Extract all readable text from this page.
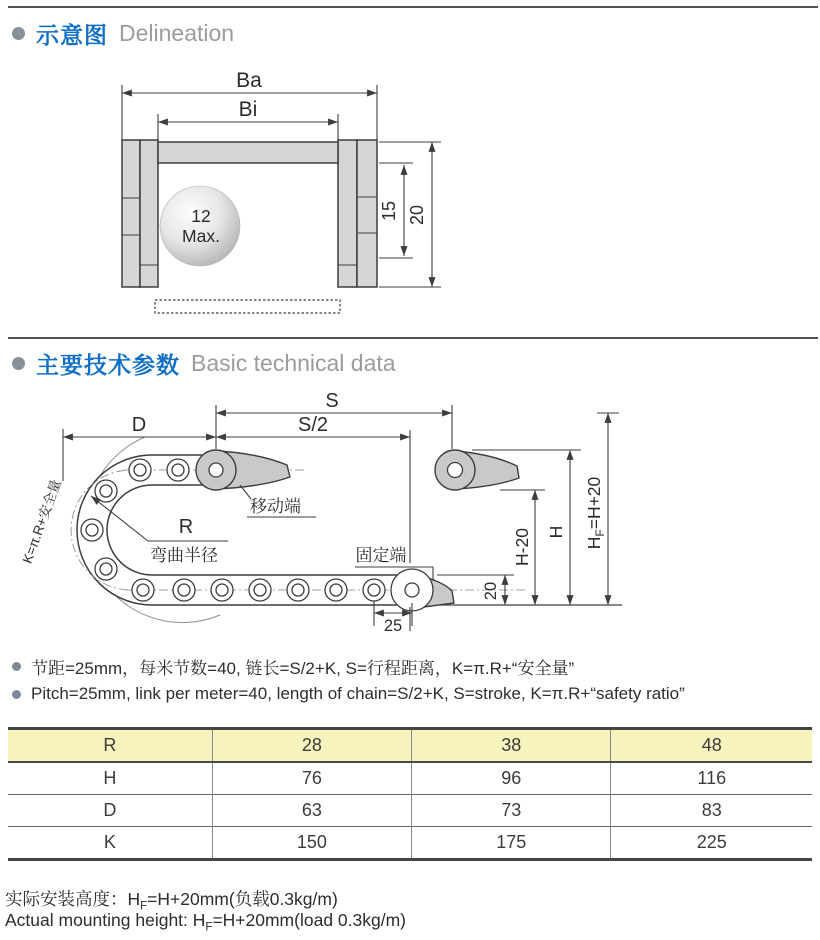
示意图 Delineation
Ba
Bi
12
Max.
15 20
主要技术参数 Basic technical data
K=π.R+安全量
S
S/2
D
R
弯曲半径
移动端
固定端
20
25
H-20 H
$H_F=H+20$
节距=25mm，每米节数=40, 链长=S/2+K, S=行程距离，K=π.R+“安全量”
Pitch=25mm, link per meter=40, length of chain=S/2+K, S=stroke, K=π.R+“safety ratio”
R	28	38	48
H	76	96	116
D	63	73	83
K	150	175	225
实际安装高度：$H_F=H+20mm$(负载0.3kg/m)
Actual mounting height: $H_F=H+20mm(load$ 0.3kg/m)
